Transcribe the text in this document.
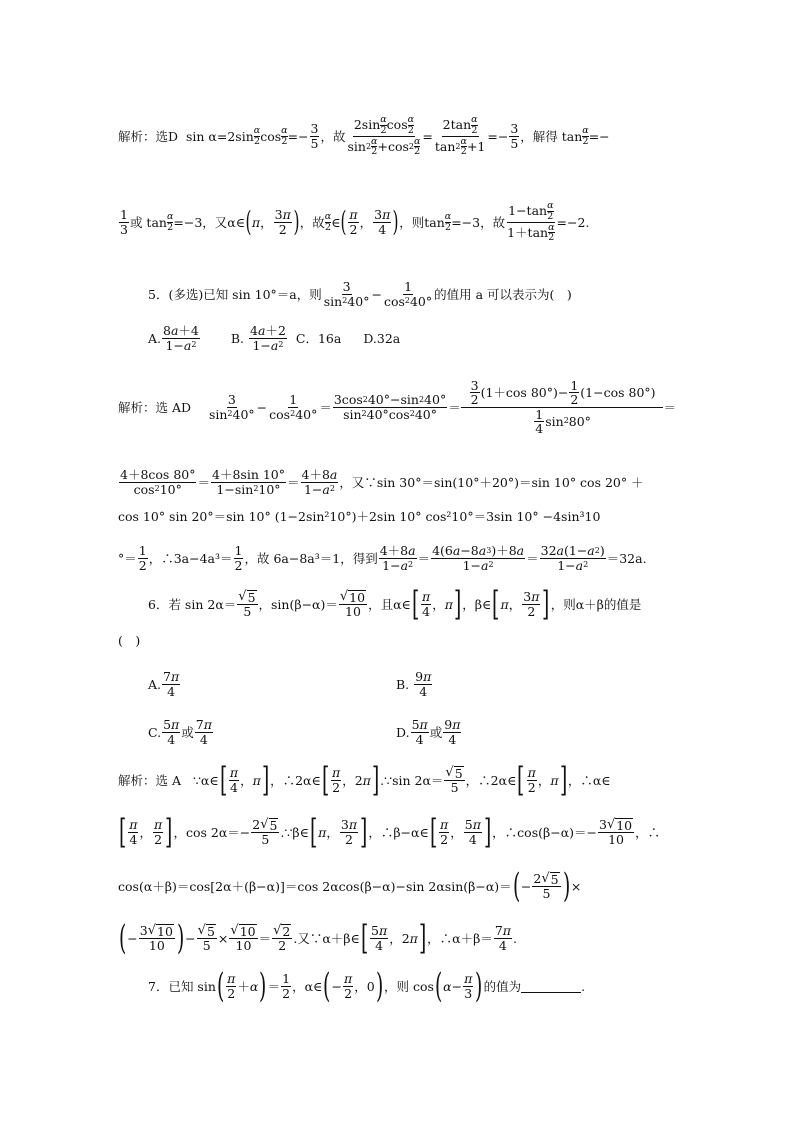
解析：选D
sin α=2sin α
2 $\cos \frac{\alpha}{2} =- \frac{3}{5}$ ，故 2sin α
2 cos α
2
sin 2 α
2 +cos 2 α
2 = 2tan α
2
tan 2 α
$2 +1 =- \frac{3}{5}$ ，解得 $\tan \frac{\alpha}{2}$ =−
1
3 或 $\tan \frac{\alpha}{2} =-3$，又α∈ ( π ，
3 π
2 ) ，故 α
2 ∈ ( π
2 ，
3 π
4 ) ，则$\tan \frac{\alpha}{2} =-3$，故 1−tan α
2
1＋tan α
2 =−2.
5．(多选)已知 sin 10°＝a，则
3
sin 2 40° − 1
cos 2 40° 的值用 a 可以表示为(　)
A. 8 a ＋4
1− a 2	B.
4 a ＋2
1− a 2 C．16a D.32a
解析：选 AD

3
sin 2 40° − 1
cos 2 40° ＝
3cos 2 40°−sin 2 40°
sin 2 40°cos 2 40° ＝
3
2 (1＋cos 80°)− 1
2 (1−cos 80°)
1
4 sin 2 80°
＝
4＋8cos 80°
cos 2 10° ＝
4＋8sin 10°
1−sin 2 10° ＝
4＋8 a
1− a 2 ，又∵sin 30°＝sin(10°＋20°)＝sin 10° cos 20° ＋
cos 10° sin 20°＝sin 10° (1−2sin²10°)＋2sin 10° cos²10°＝3sin 10° −4sin³10
°＝
1
2 ，∴3a−4a³＝
1
2 ，故 6a−8a³＝1，得到
4＋8 a
1− a 2 ＝
4(6 a −8 a 3 )＋8 a
1− a 2	＝
32 a (1− a 2 )
1− a 2 ＝32a.
6．若 sin 2α＝
√ 5
5 ，sin(β−α)＝
√ 10
10 ，且α∈ [ π
4 ， π ] ，β∈ [ π ，
3 π
2 ] ，则α＋β的值是
(　)
A. 7 π
4	B.
9 π
4
C. 5 π
4 或
7 π
4	D. 5 π
4 或
9 π
4
解析：选 A
∵α∈ [ π
4 ， π ] ，∴2α∈ [ π
2 ，2 π ] .∵sin 2α＝
√ 5
5 ，∴2α∈ [ π
2 ， π ] ，∴α∈
[ π
4 ，
π
2 ] ，$\cos 2\alpha=- \frac{2 √ 5}{5}$ .∵β∈ [ π ，
3 π
2 ] ，∴β−α∈ [ π
2 ，
5 π
4 ] ，∴cos(β−α)＝− $\frac{3 √ 10}{10}$ ，∴
cos(α＋β)＝cos[2α＋(β−α)]＝cos 2αcos(β−α)−sin 2αsin(β−α)＝ ( − 2 √ 5
5 ) ×
( − 3 √ 10
10 ) − $\frac{√ 5}{5} \times \frac{√ 10}{10}$ ＝
√ 2
2 .又∵α＋β∈ [ 5 π
4 ，2 π ] ，∴α＋β＝
7 π
4 .
7．已知 sin ( π
2 ＋ α ) ＝
1
2 ，α∈ ( − π
2 ，0 ) ，则 cos ( α − π
3 ) 的值为	.
